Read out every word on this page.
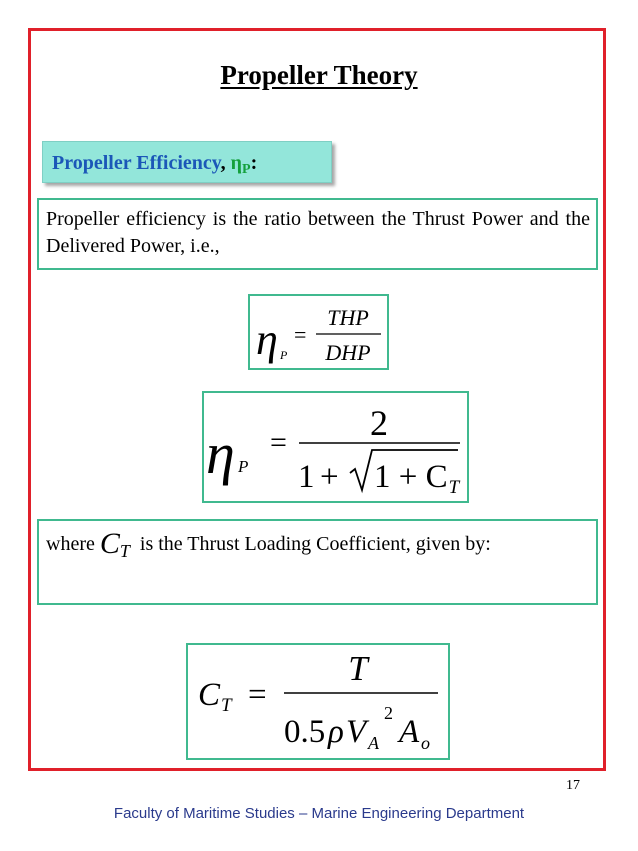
Propeller Theory
Propeller Efficiency, $\eta_P$:

Propeller efficiency is the ratio between the Thrust Power and the Delivered Power, i.e.,

η P
=
THP
DHP
η P
= 2
1 + 1 + CT

where CT  is the Thrust Loading Coefficient, given by:

C T =
T
0.5 ρ V A
2
A o
17
Faculty of Maritime Studies – Marine Engineering Department
